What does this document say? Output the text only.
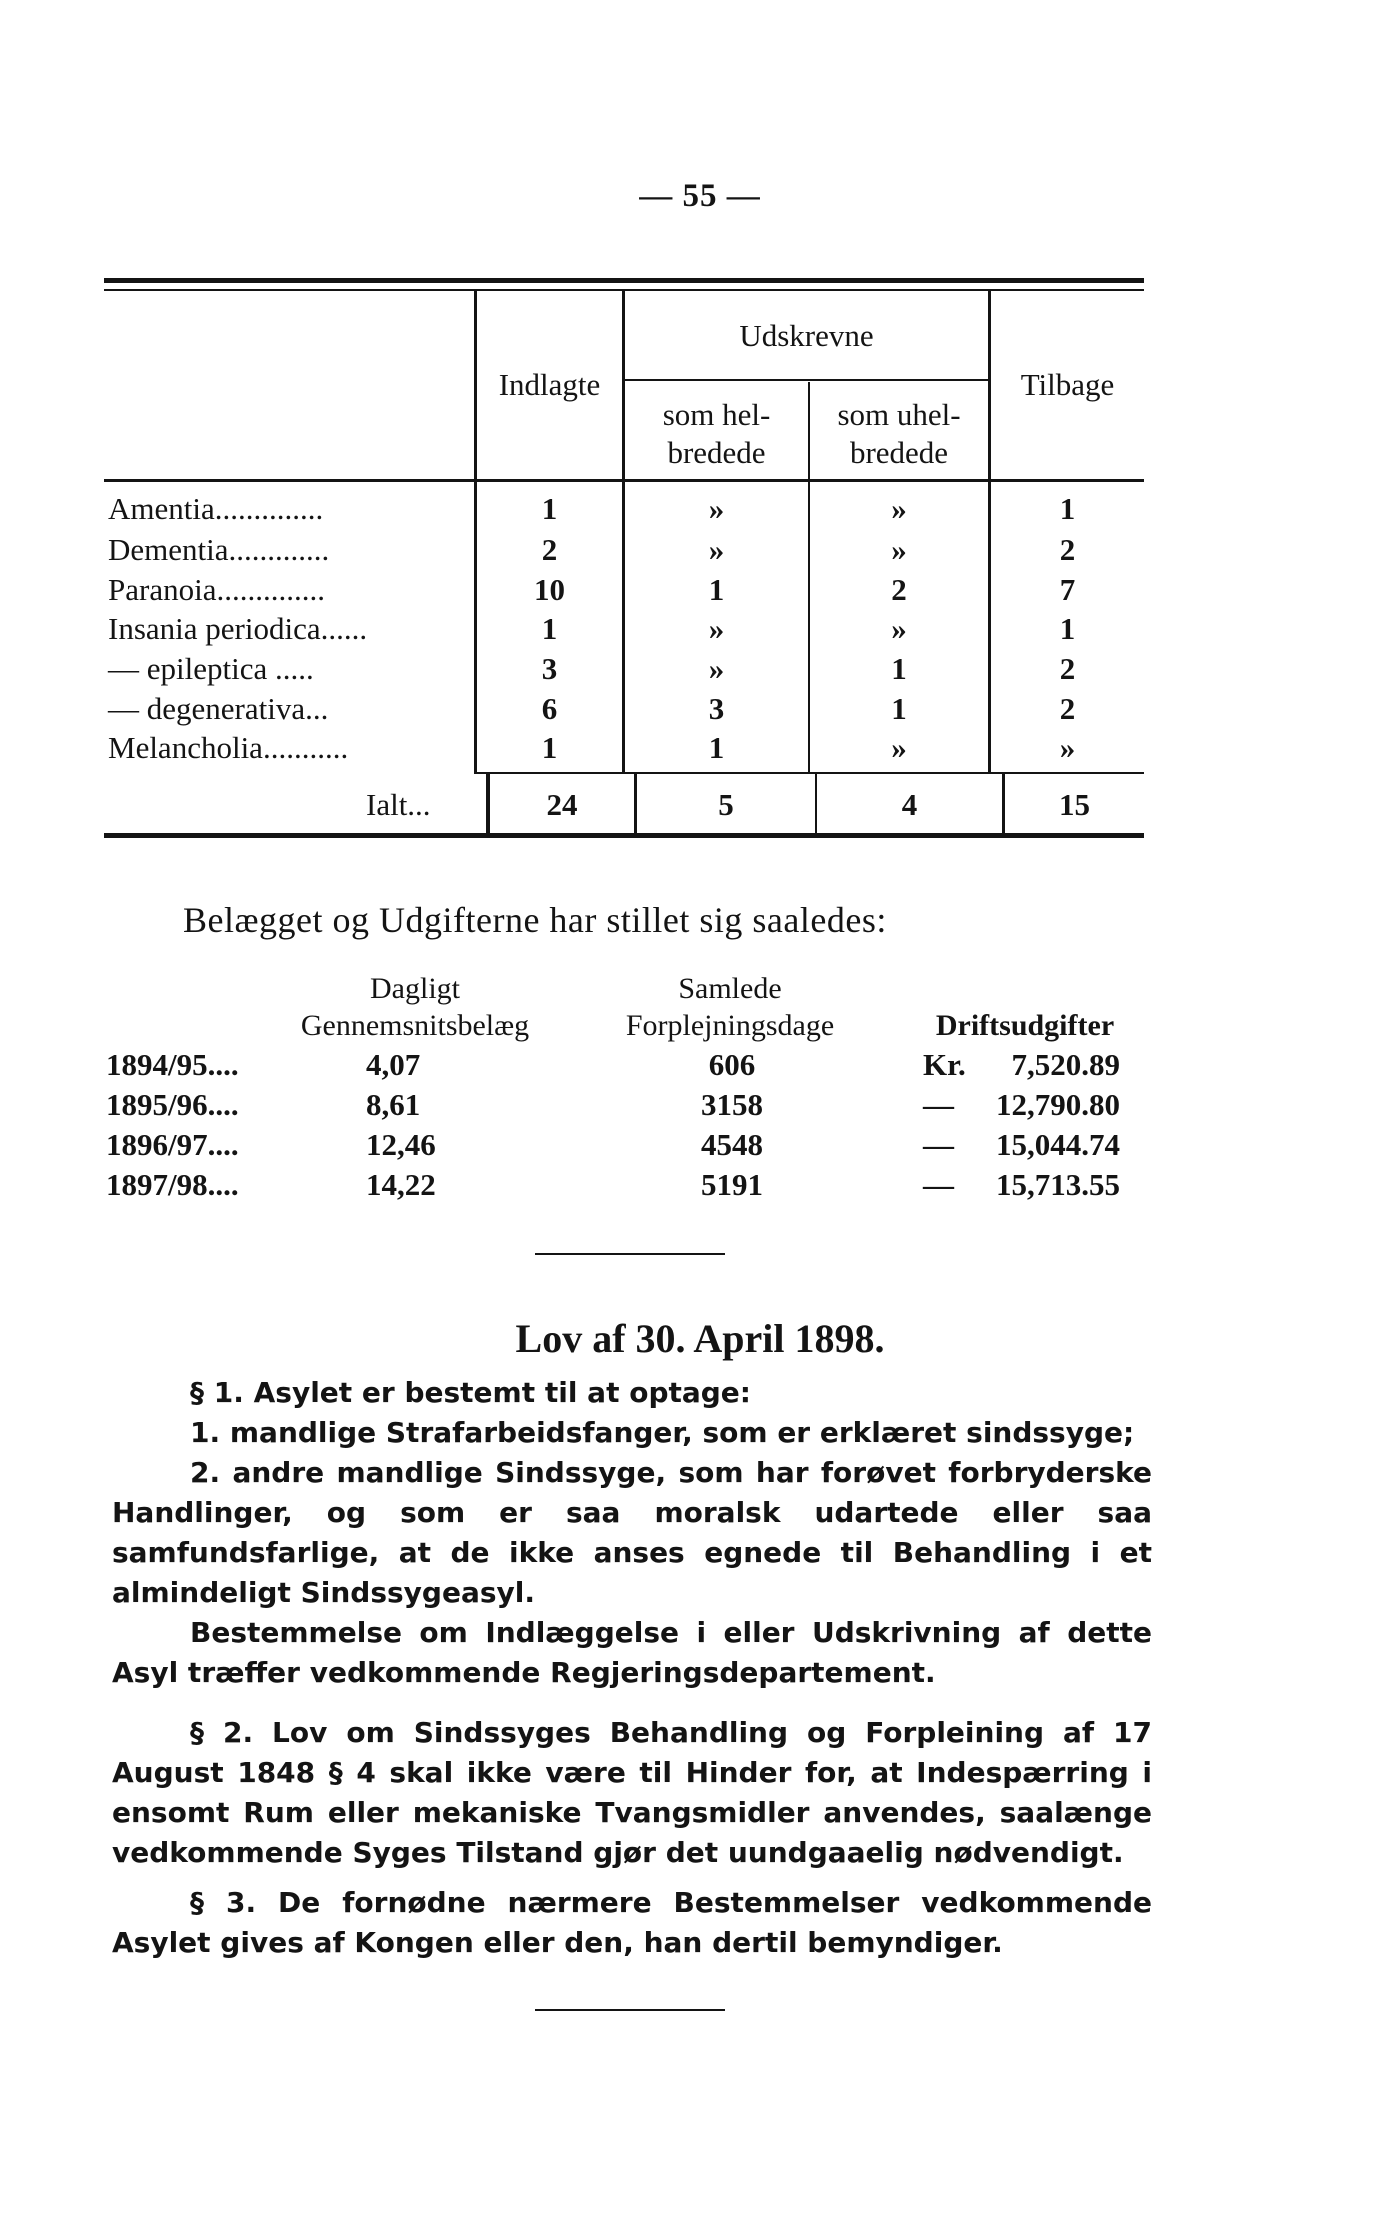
— 55 —
Indlagte
Udskrevne
som hel-
bredede
som uhel-
bredede
Tilbage
Amentia..............	1	»	»	1
Dementia.............	2	»	»	2
Paranoia..............	10	1	2	7
Insania periodica......	1	»	»	1
— epileptica .....	3	»	1	2
— degenerativa...	6	3	1	2
Melancholia...........	1	1	»	»
Ialt...	24	5	4	15
Belægget og Udgifterne har stillet sig saaledes:
Dagligt
Gennemsnitsbelæg
Samlede
Forplejningsdage	Driftsudgifter
1894/95....	4,07	606	Kr.	7,520.89
1895/96....	8,61	3158	—	12,790.80
1896/97....	12,46	4548	—	15,044.74
1897/98....	14,22	5191	—	15,713.55
Lov af 30. April 1898.
§ 1. Asylet er bestemt til at optage:
1. mandlige Strafarbeidsfanger, som er erklæret sindssyge;
2. andre mandlige Sindssyge, som har forøvet forbryderske Handlinger, og som er saa moralsk udartede eller saa samfundsfarlige, at de ikke anses egnede til Behandling i et almindeligt Sindssygeasyl.
Bestemmelse om Indlæggelse i eller Udskrivning af dette Asyl træffer vedkommende Regjeringsdepartement.
§ 2. Lov om Sindssyges Behandling og Forpleining af 17 August 1848 § 4 skal ikke være til Hinder for, at Indespærring i ensomt Rum eller mekaniske Tvangsmidler anvendes, saalænge vedkommende Syges Tilstand gjør det uundgaaelig nødvendigt.
§ 3. De fornødne nærmere Bestemmelser vedkommende Asylet gives af Kongen eller den, han dertil bemyndiger.
